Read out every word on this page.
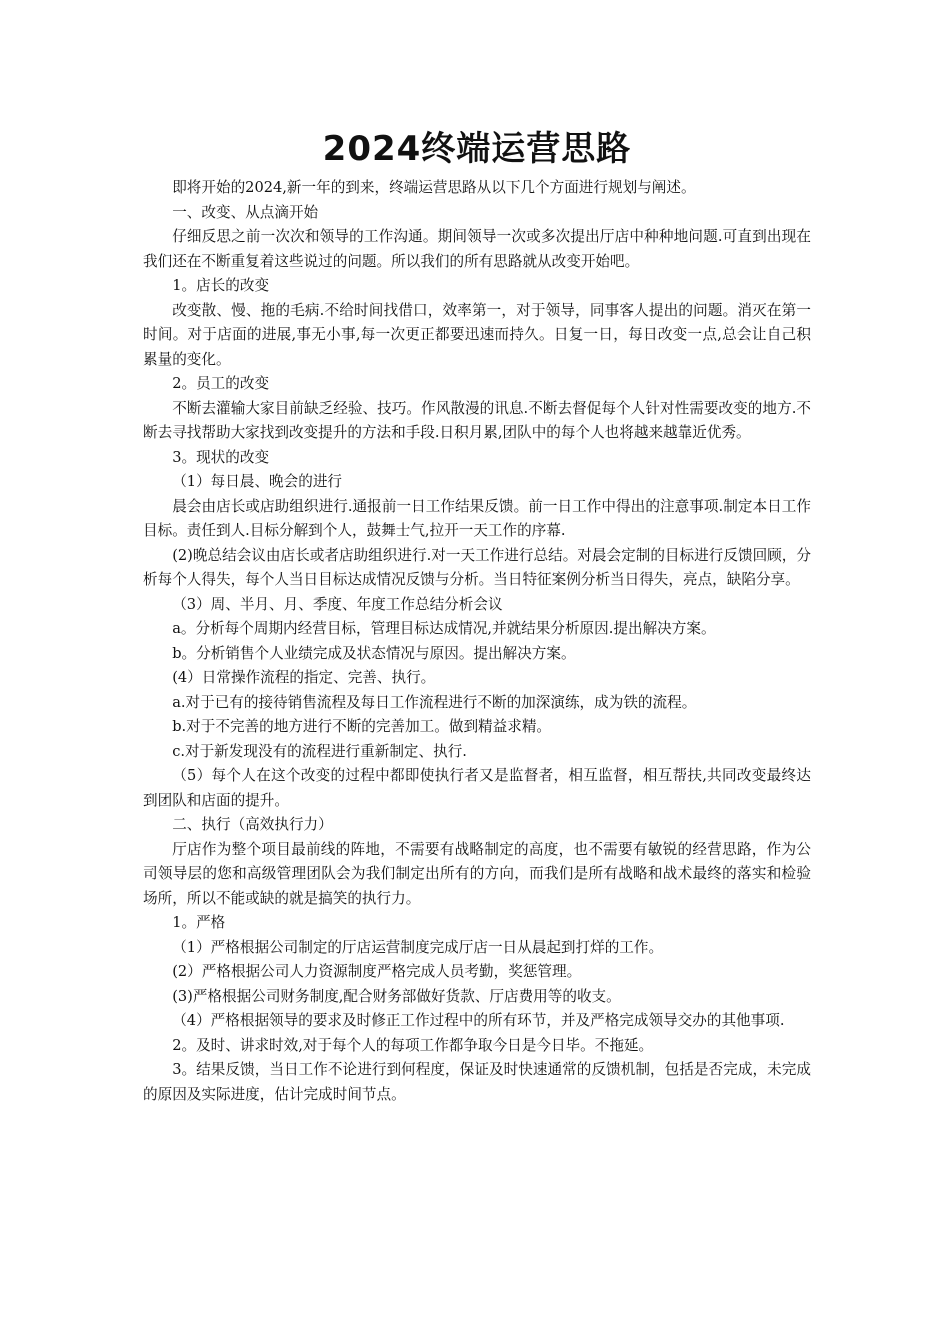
2024终端运营思路

即将开始的2024,新一年的到来，终端运营思路从以下几个方面进行规划与阐述。

一、改变、从点滴开始

仔细反思之前一次次和领导的工作沟通。期间领导一次或多次提出厅店中种种地问题.可直到出现在我们还在不断重复着这些说过的问题。所以我们的所有思路就从改变开始吧。

1。店长的改变

改变散、慢、拖的毛病.不给时间找借口，效率第一，对于领导，同事客人提出的问题。消灭在第一时间。对于店面的进展,事无小事,每一次更正都要迅速而持久。日复一日，每日改变一点,总会让自己积累量的变化。

2。员工的改变

不断去灌输大家目前缺乏经验、技巧。作风散漫的讯息.不断去督促每个人针对性需要改变的地方.不断去寻找帮助大家找到改变提升的方法和手段.日积月累,团队中的每个人也将越来越靠近优秀。

3。现状的改变

（1）每日晨、晚会的进行

晨会由店长或店助组织进行.通报前一日工作结果反馈。前一日工作中得出的注意事项.制定本日工作目标。责任到人.目标分解到个人，鼓舞士气,拉开一天工作的序幕.

(2)晚总结会议由店长或者店助组织进行.对一天工作进行总结。对晨会定制的目标进行反馈回顾，分析每个人得失，每个人当日目标达成情况反馈与分析。当日特征案例分析当日得失，亮点，缺陷分享。

（3）周、半月、月、季度、年度工作总结分析会议

a。分析每个周期内经营目标，管理目标达成情况,并就结果分析原因.提出解决方案。

b。分析销售个人业绩完成及状态情况与原因。提出解决方案。

(4）日常操作流程的指定、完善、执行。

a.对于已有的接待销售流程及每日工作流程进行不断的加深演练，成为铁的流程。

b.对于不完善的地方进行不断的完善加工。做到精益求精。

c.对于新发现没有的流程进行重新制定、执行.

（5）每个人在这个改变的过程中都即使执行者又是监督者，相互监督，相互帮扶,共同改变最终达到团队和店面的提升。

二、执行（高效执行力）

厅店作为整个项目最前线的阵地，不需要有战略制定的高度，也不需要有敏锐的经营思路，作为公司领导层的您和高级管理团队会为我们制定出所有的方向，而我们是所有战略和战术最终的落实和检验场所，所以不能或缺的就是搞笑的执行力。

1。严格

（1）严格根据公司制定的厅店运营制度完成厅店一日从晨起到打烊的工作。

(2）严格根据公司人力资源制度严格完成人员考勤，奖惩管理。

(3)严格根据公司财务制度,配合财务部做好货款、厅店费用等的收支。

（4）严格根据领导的要求及时修正工作过程中的所有环节，并及严格完成领导交办的其他事项.

2。及时、讲求时效,对于每个人的每项工作都争取今日是今日毕。不拖延。

3。结果反馈，当日工作不论进行到何程度，保证及时快速通常的反馈机制，包括是否完成，未完成的原因及实际进度，估计完成时间节点。
